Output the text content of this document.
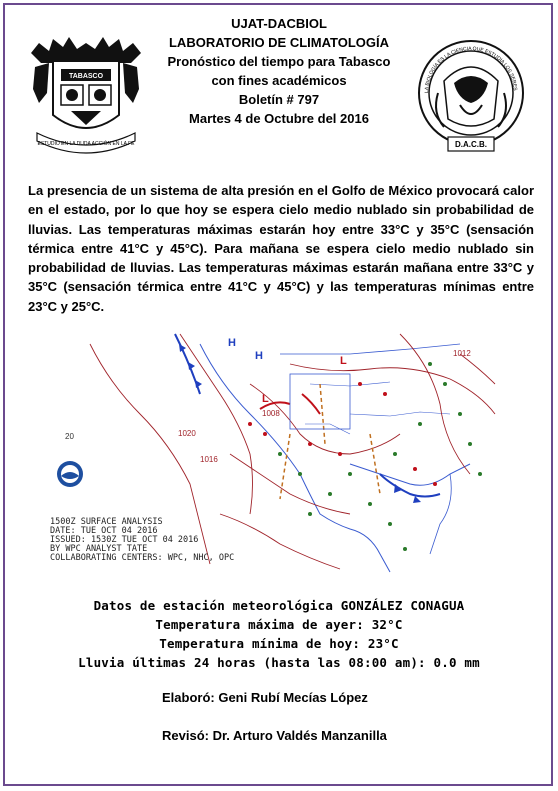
UJAT-DACBIOL
LABORATORIO DE CLIMATOLOGÍA
Pronóstico del tiempo para Tabasco
con fines académicos
Boletín # 797
Martes 4 de Octubre del 2016
TABASCO
ESTUDIO EN LA DUDA ACCIÓN EN LA FE
LA BIOLOGÍA ES LA CIENCIA QUE ESTUDIA LOS SERES
D.A.C.B.
La presencia de un sistema de alta presión en el Golfo de México provocará calor en el estado, por lo que hoy se espera cielo medio nublado sin probabilidad de lluvias. Las temperaturas máximas estarán hoy entre 33°C y 35°C (sensación térmica entre 41°C y 45°C). Para mañana se espera cielo medio nublado sin probabilidad de lluvias. Las temperaturas máximas estarán mañana entre 33°C y 35°C (sensación térmica entre 41°C y 45°C) y las temperaturas mínimas entre 23°C y 25°C.
1020
1016
1012
1008
20
H
H
L
L
1500Z SURFACE ANALYSIS
DATE: TUE OCT 04 2016
ISSUED: 1530Z TUE OCT 04 2016
BY WPC ANALYST TATE
COLLABORATING CENTERS: WPC, NHC, OPC
Datos de estación meteorológica GONZÁLEZ CONAGUA
Temperatura máxima de ayer: 32°C
Temperatura mínima de hoy: 23°C
Lluvia últimas 24 horas (hasta las 08:00 am): 0.0 mm
Elaboró: Geni Rubí Mecías López
Revisó: Dr. Arturo Valdés Manzanilla
